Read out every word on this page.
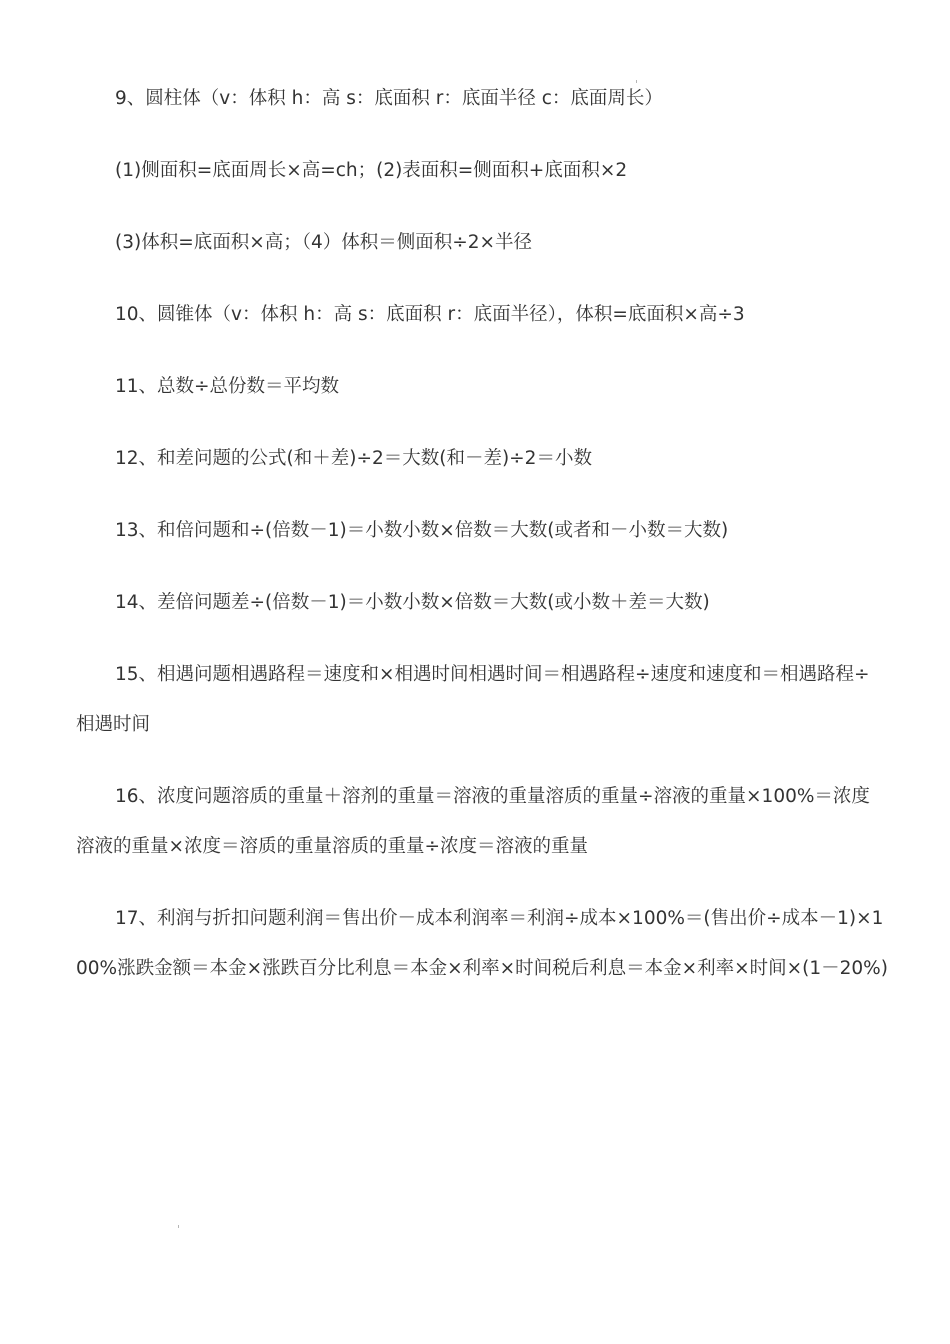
9、圆柱体（v：体积 h：高 s：底面积 r：底面半径 c：底面周长）

(1)侧面积=底面周长×高=ch；(2)表面积=侧面积+底面积×2

(3)体积=底面积×高；（4）体积＝侧面积÷2×半径

10、圆锥体（v：体积 h：高 s：底面积 r：底面半径），体积=底面积×高÷3

11、总数÷总份数＝平均数

12、和差问题的公式(和＋差)÷2＝大数(和－差)÷2＝小数

13、和倍问题和÷(倍数－1)＝小数小数×倍数＝大数(或者和－小数＝大数)

14、差倍问题差÷(倍数－1)＝小数小数×倍数＝大数(或小数＋差＝大数)

15、相遇问题相遇路程＝速度和×相遇时间相遇时间＝相遇路程÷速度和速度和＝相遇路程÷相遇时间

16、浓度问题溶质的重量＋溶剂的重量＝溶液的重量溶质的重量÷溶液的重量×100%＝浓度溶液的重量×浓度＝溶质的重量溶质的重量÷浓度＝溶液的重量

17、利润与折扣问题利润＝售出价－成本利润率＝利润÷成本×100%＝(售出价÷成本－1)×100%涨跌金额＝本金×涨跌百分比利息＝本金×利率×时间税后利息＝本金×利率×时间×(1－20%)
